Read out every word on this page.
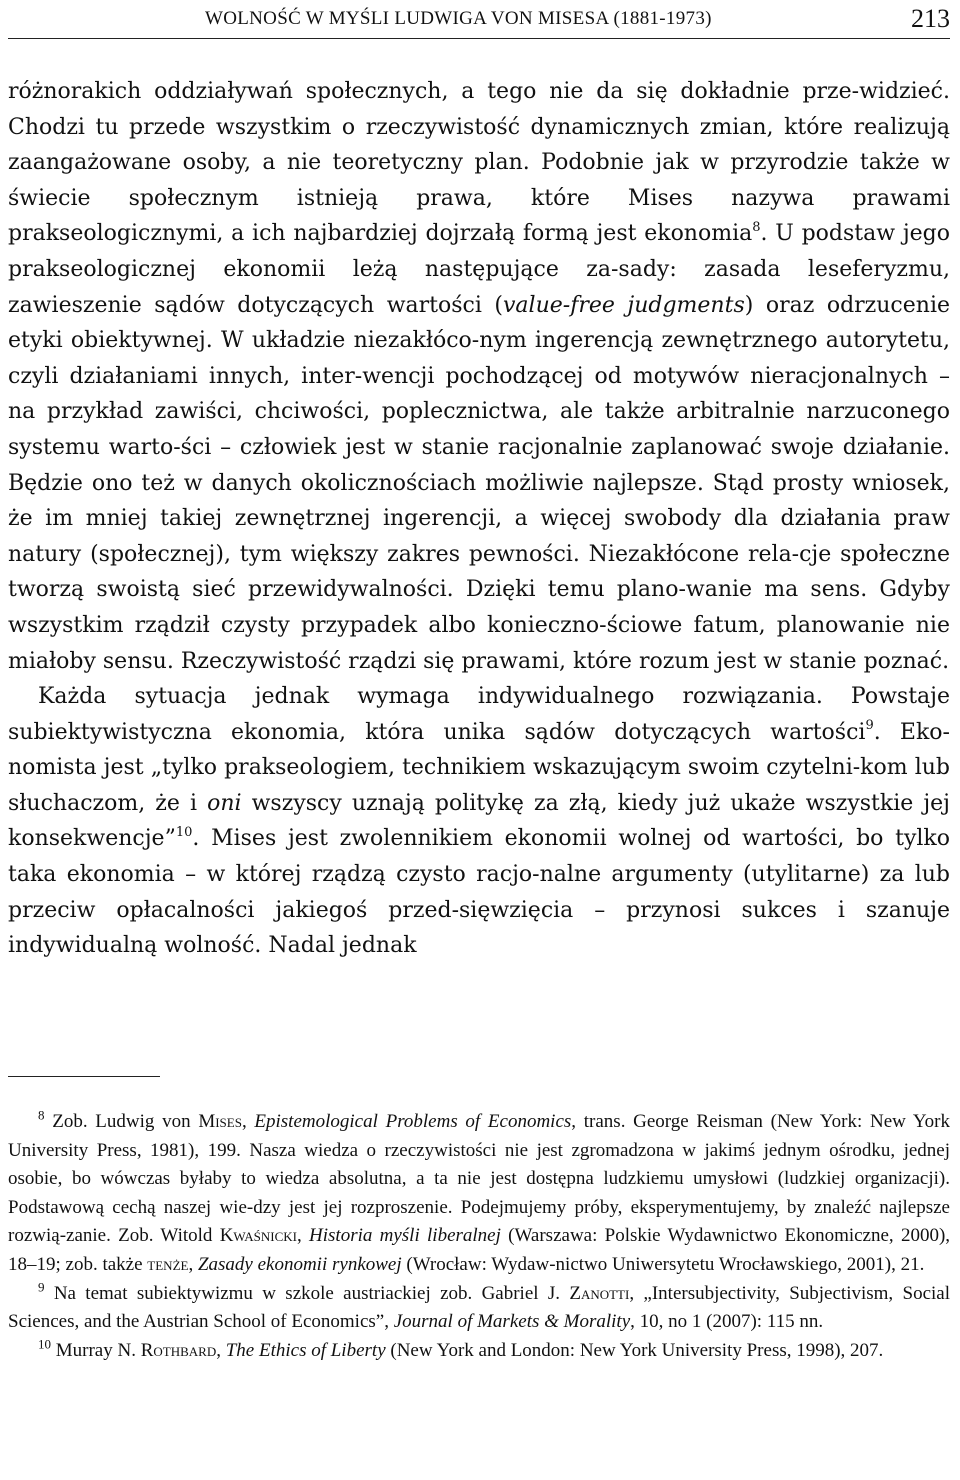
WOLNOŚĆ W MYŚLI LUDWIGA VON MISESA (1881-1973)	213

różnorakich oddziaływań społecznych, a tego nie da się dokładnie prze-widzieć. Chodzi tu przede wszystkim o rzeczywistość dynamicznych zmian, które realizują zaangażowane osoby, a nie teoretyczny plan. Podobnie jak w przyrodzie także w świecie społecznym istnieją prawa, które Mises nazywa prawami prakseologicznymi, a ich najbardziej dojrzałą formą jest ekonomia$^8$. U podstaw jego prakseologicznej ekonomii leżą następujące za-sady: zasada leseferyzmu, zawieszenie sądów dotyczących wartości (value-free judgments) oraz odrzucenie etyki obiektywnej. W układzie niezakłóco-nym ingerencją zewnętrznego autorytetu, czyli działaniami innych, inter-wencji pochodzącej od motywów nieracjonalnych – na przykład zawiści, chciwości, poplecznictwa, ale także arbitralnie narzuconego systemu warto-ści – człowiek jest w stanie racjonalnie zaplanować swoje działanie. Będzie ono też w danych okolicznościach możliwie najlepsze. Stąd prosty wniosek, że im mniej takiej zewnętrznej ingerencji, a więcej swobody dla działania praw natury (społecznej), tym większy zakres pewności. Niezakłócone rela-cje społeczne tworzą swoistą sieć przewidywalności. Dzięki temu plano-wanie ma sens. Gdyby wszystkim rządził czysty przypadek albo konieczno-ściowe fatum, planowanie nie miałoby sensu. Rzeczywistość rządzi się prawami, które rozum jest w stanie poznać.

Każda sytuacja jednak wymaga indywidualnego rozwiązania. Powstaje subiektywistyczna ekonomia, która unika sądów dotyczących wartości$^9$. Eko-nomista jest „tylko prakseologiem, technikiem wskazującym swoim czytelni-kom lub słuchaczom, że i oni wszyscy uznają politykę za złą, kiedy już ukaże wszystkie jej konsekwencje”$^{10}$. Mises jest zwolennikiem ekonomii wolnej od wartości, bo tylko taka ekonomia – w której rządzą czysto racjo-nalne argumenty (utylitarne) za lub przeciw opłacalności jakiegoś przed-sięwzięcia – przynosi sukces i szanuje indywidualną wolność. Nadal jednak

$^8$ Zob. Ludwig von Mises, Epistemological Problems of Economics, trans. George Reisman (New York: New York University Press, 1981), 199. Nasza wiedza o rzeczywistości nie jest zgromadzona w jakimś jednym ośrodku, jednej osobie, bo wówczas byłaby to wiedza absolutna, a ta nie jest dostępna ludzkiemu umysłowi (ludzkiej organizacji). Podstawową cechą naszej wie-dzy jest jej rozproszenie. Podejmujemy próby, eksperymentujemy, by znaleźć najlepsze rozwią-zanie. Zob. Witold Kwaśnicki, Historia myśli liberalnej (Warszawa: Polskie Wydawnictwo Ekonomiczne, 2000), 18–19; zob. także tenże, Zasady ekonomii rynkowej (Wrocław: Wydaw-nictwo Uniwersytetu Wrocławskiego, 2001), 21.

$^9$ Na temat subiektywizmu w szkole austriackiej zob. Gabriel J. Zanotti, „Intersubjectivity, Subjectivism, Social Sciences, and the Austrian School of Economics”, Journal of Markets & Morality, 10, no 1 (2007): 115 nn.

$^{10}$ Murray N. Rothbard, The Ethics of Liberty (New York and London: New York University Press, 1998), 207.
